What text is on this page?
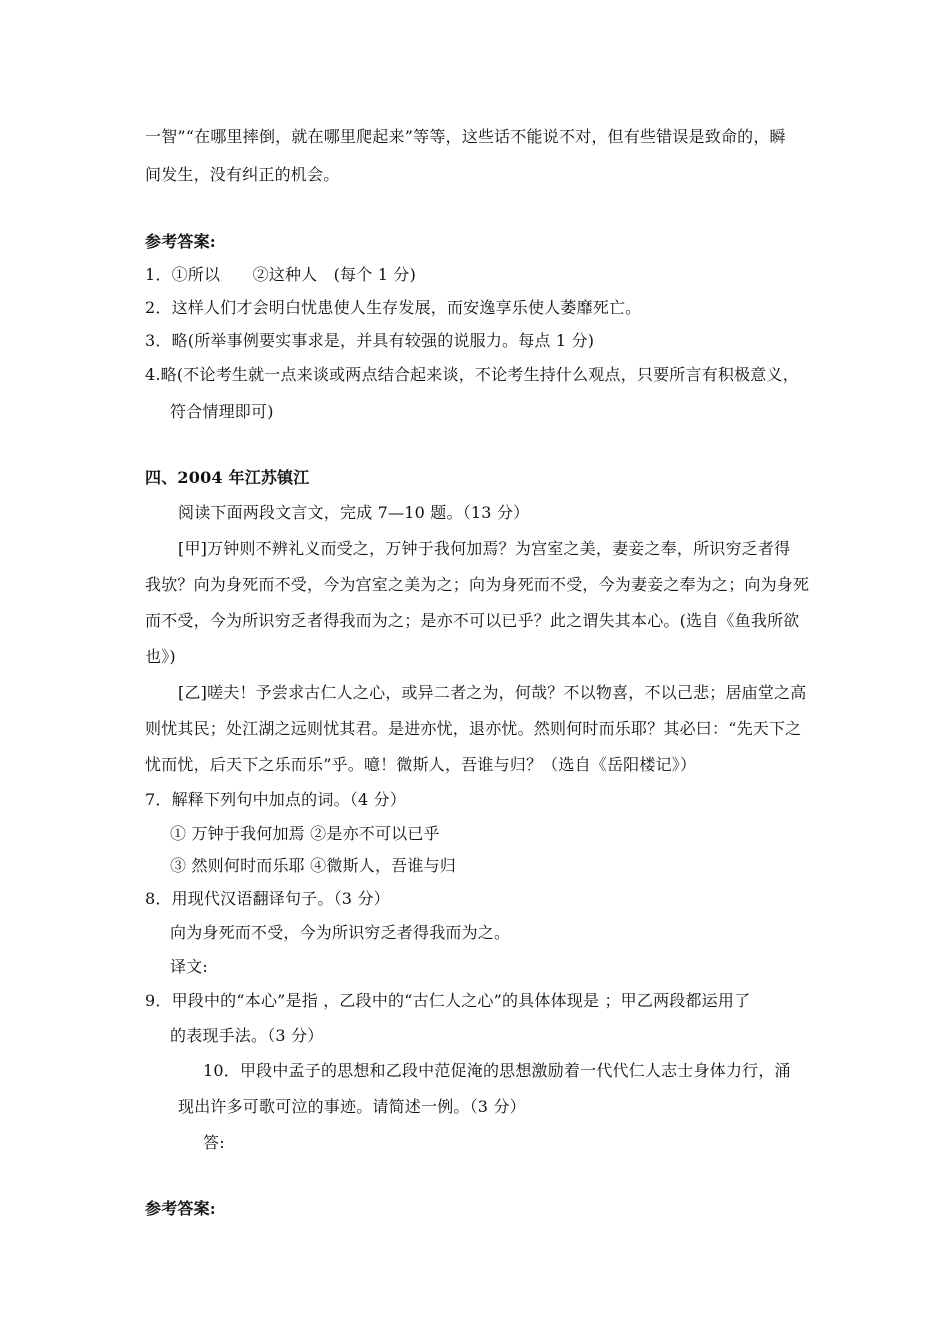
一智”“在哪里摔倒，就在哪里爬起来”等等，这些话不能说不对，但有些错误是致命的，瞬
间发生，没有纠正的机会。
参考答案:
1．①所以　　②这种人　(每个 1 分)
2．这样人们才会明白忧患使人生存发展，而安逸享乐使人萎靡死亡。
3．略(所举事例要实事求是，并具有较强的说服力。每点 1 分)
4.略(不论考生就一点来谈或两点结合起来谈，不论考生持什么观点，只要所言有积极意义，
符合情理即可)
四、2004 年江苏镇江
阅读下面两段文言文，完成 7—10 题。（13 分）
[甲]万钟则不辨礼义而受之，万钟于我何加焉？为宫室之美，妻妾之奉，所识穷乏者得
我欤？向为身死而不受，今为宫室之美为之；向为身死而不受，今为妻妾之奉为之；向为身死
而不受，今为所识穷乏者得我而为之；是亦不可以已乎？此之谓失其本心。(选自《鱼我所欲
也》)
[乙]嗟夫！予尝求古仁人之心，或异二者之为，何哉？不以物喜，不以己悲；居庙堂之高
则忧其民；处江湖之远则忧其君。是进亦忧，退亦忧。然则何时而乐耶？其必曰：“先天下之
忧而忧，后天下之乐而乐”乎。噫！微斯人，吾谁与归？（选自《岳阳楼记》）
7．解释下列句中加点的词。（4 分）
① 万钟于我何加焉 ②是亦不可以已乎
③ 然则何时而乐耶 ④微斯人，吾谁与归
8．用现代汉语翻译句子。（3 分）
向为身死而不受，今为所识穷乏者得我而为之。
译文:
9．甲段中的“本心”是指 ，乙段中的“古仁人之心”的具体体现是 ；甲乙两段都运用了
的表现手法。（3 分）
10．甲段中孟子的思想和乙段中范促淹的思想激励着一代代仁人志士身体力行，涌
现出许多可歌可泣的事迹。请简述一例。（3 分）
答:
参考答案:
